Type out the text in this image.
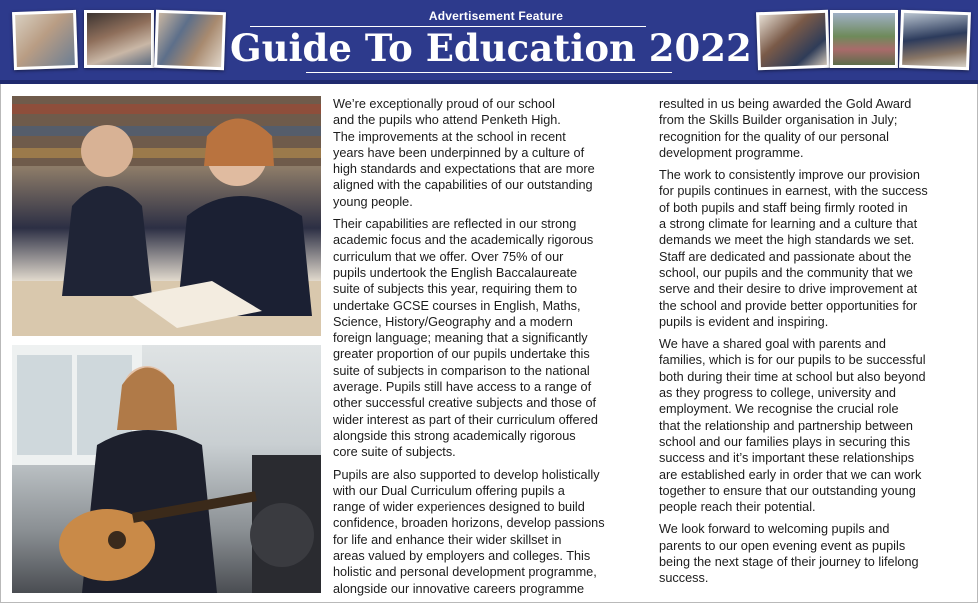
Advertisement Feature
Guide To Education 2022

We’re exceptionally proud of our school
and the pupils who attend Penketh High.
The improvements at the school in recent
years have been underpinned by a culture of
high standards and expectations that are more
aligned with the capabilities of our outstanding
young people.

Their capabilities are reflected in our strong
academic focus and the academically rigorous
curriculum that we offer. Over 75% of our
pupils undertook the English Baccalaureate
suite of subjects this year, requiring them to
undertake GCSE courses in English, Maths,
Science, History/Geography and a modern
foreign language; meaning that a significantly
greater proportion of our pupils undertake this
suite of subjects in comparison to the national
average. Pupils still have access to a range of
other successful creative subjects and those of
wider interest as part of their curriculum offered
alongside this strong academically rigorous
core suite of subjects.

Pupils are also supported to develop holistically
with our Dual Curriculum offering pupils a
range of wider experiences designed to build
confidence, broaden horizons, develop passions
for life and enhance their wider skillset in
areas valued by employers and colleges. This
holistic and personal development programme,
alongside our innovative careers programme

resulted in us being awarded the Gold Award
from the Skills Builder organisation in July;
recognition for the quality of our personal
development programme.

The work to consistently improve our provision
for pupils continues in earnest, with the success
of both pupils and staff being firmly rooted in
a strong climate for learning and a culture that
demands we meet the high standards we set.
Staff are dedicated and passionate about the
school, our pupils and the community that we
serve and their desire to drive improvement at
the school and provide better opportunities for
pupils is evident and inspiring.

We have a shared goal with parents and
families, which is for our pupils to be successful
both during their time at school but also beyond
as they progress to college, university and
employment. We recognise the crucial role
that the relationship and partnership between
school and our families plays in securing this
success and it’s important these relationships
are established early in order that we can work
together to ensure that our outstanding young
people reach their potential.

We look forward to welcoming pupils and
parents to our open evening event as pupils
being the next stage of their journey to lifelong
success.
